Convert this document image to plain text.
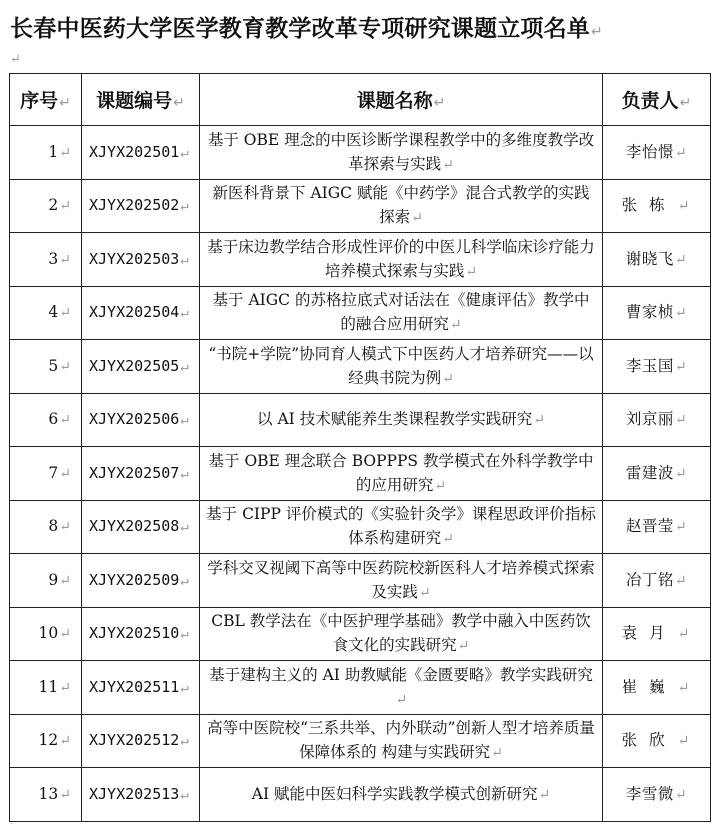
长春中医药大学医学教育教学改革专项研究课题立项名单↵
↵
序号↵	课题编号↵	课题名称↵	负责人↵
1↵	XJYX202501↵	基于 OBE 理念的中医诊断学课程教学中的多维度教学改革探索与实践↵	李怡憬↵
2↵	XJYX202502↵	新医科背景下 AIGC 赋能《中药学》混合式教学的实践探索↵	张栋↵
3↵	XJYX202503↵	基于床边教学结合形成性评价的中医儿科学临床诊疗能力培养模式探索与实践↵	谢晓飞↵
4↵	XJYX202504↵	基于 AIGC 的苏格拉底式对话法在《健康评估》教学中的融合应用研究↵	曹家桢↵
5↵	XJYX202505↵	“书院+学院”协同育人模式下中医药人才培养研究——以经典书院为例↵	李玉国↵
6↵	XJYX202506↵	以 AI 技术赋能养生类课程教学实践研究↵	刘京丽↵
7↵	XJYX202507↵	基于 OBE 理念联合 BOPPPS 教学模式在外科学教学中的应用研究↵	雷建波↵
8↵	XJYX202508↵	基于 CIPP 评价模式的《实验针灸学》课程思政评价指标体系构建研究↵	赵晋莹↵
9↵	XJYX202509↵	学科交叉视阈下高等中医药院校新医科人才培养模式探索及实践↵	冶丁铭↵
10↵	XJYX202510↵	CBL 教学法在《中医护理学基础》教学中融入中医药饮食文化的实践研究↵	袁月↵
11↵	XJYX202511↵	基于建构主义的 AI 助教赋能《金匮要略》教学实践研究↵	崔巍↵
12↵	XJYX202512↵	高等中医院校“三系共举、内外联动”创新人型才培养质量保障体系的 构建与实践研究↵	张欣↵
13↵	XJYX202513↵	AI 赋能中医妇科学实践教学模式创新研究↵	李雪微↵
·
